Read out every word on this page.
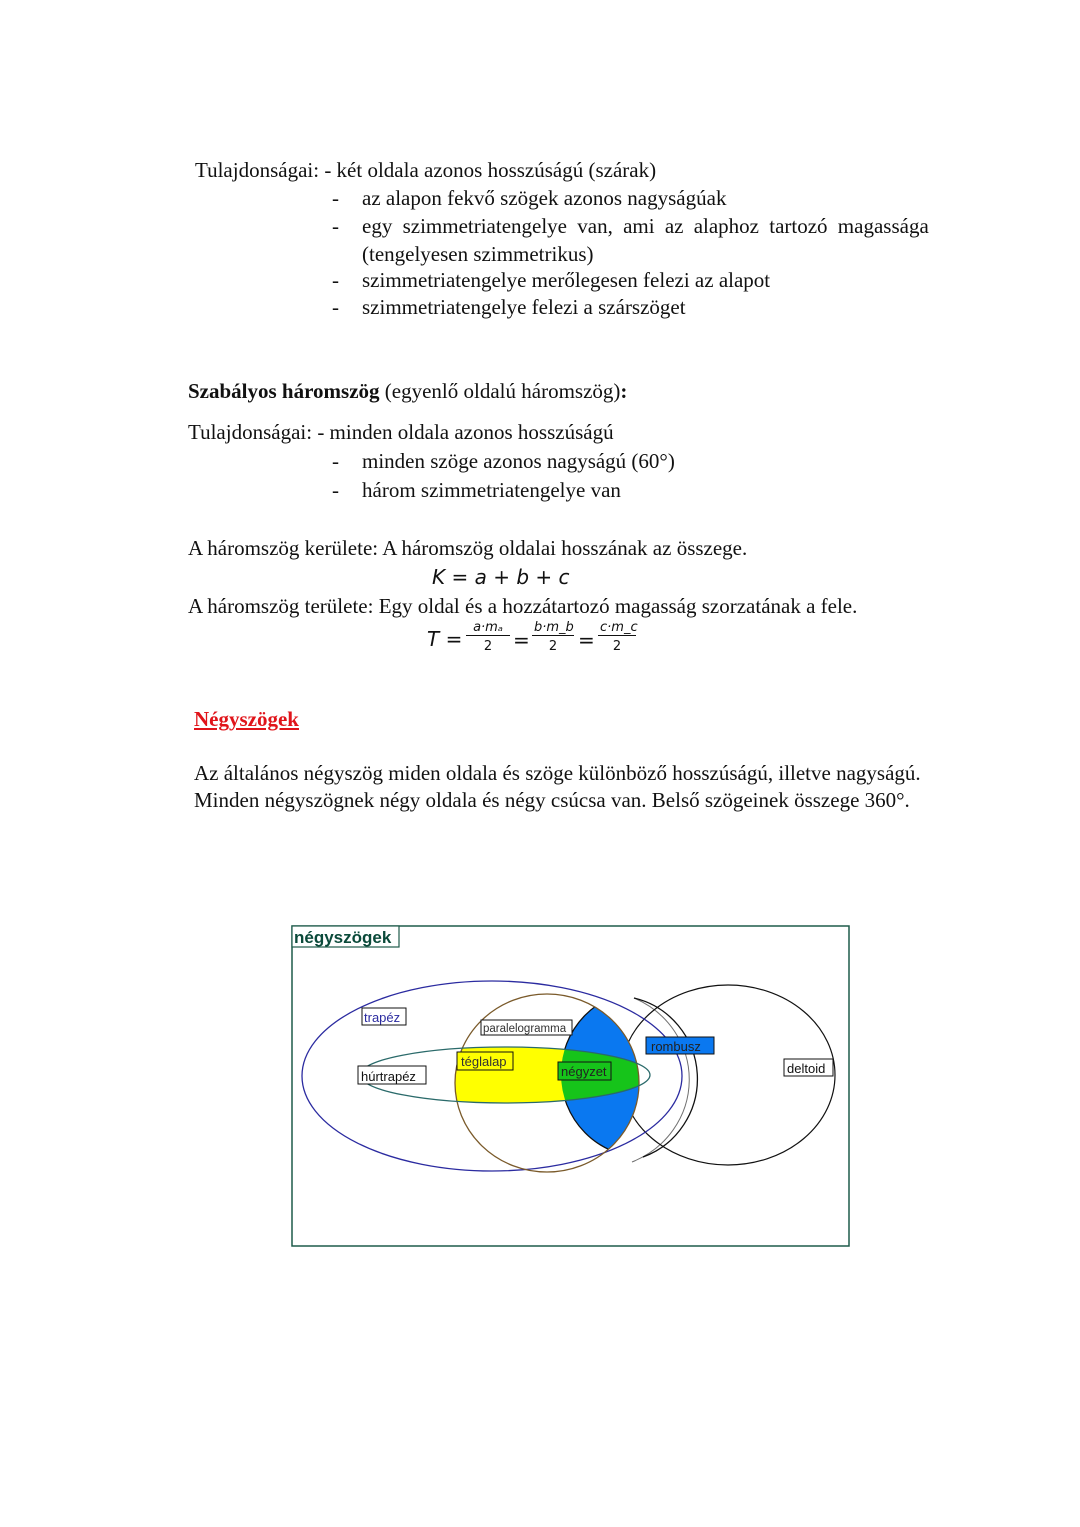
Tulajdonságai: - két oldala azonos hosszúságú (szárak)
- az alapon fekvő szögek azonos nagyságúak
- egy szimmetriatengelye van, ami az alaphoz tartozó magassága
(tengelyesen szimmetrikus)
- szimmetriatengelye merőlegesen felezi az alapot
- szimmetriatengelye felezi a szárszöget
Szabályos háromszög (egyenlő oldalú háromszög):
Tulajdonságai: - minden oldala azonos hosszúságú
- minden szöge azonos nagyságú (60°)
- három szimmetriatengelye van
A háromszög kerülete: A háromszög oldalai hosszának az összege.
K = a + b + c
A háromszög területe: Egy oldal és a hozzátartozó magasság szorzatának a fele.
$T = \frac{\text{a·mₐ}}{2} = \frac{b\cdot m\_b}{2} = \frac{c\cdot m\_c}{2}$
Négyszögek
Az általános négyszög miden oldala és szöge különböző hosszúságú, illetve nagyságú.
Minden négyszögnek négy oldala és négy csúcsa van. Belső szögeinek összege 360°.
négyszögek
trapéz
paralelogramma
rombusz
téglalap
húrtrapéz	négyzet	deltoid
